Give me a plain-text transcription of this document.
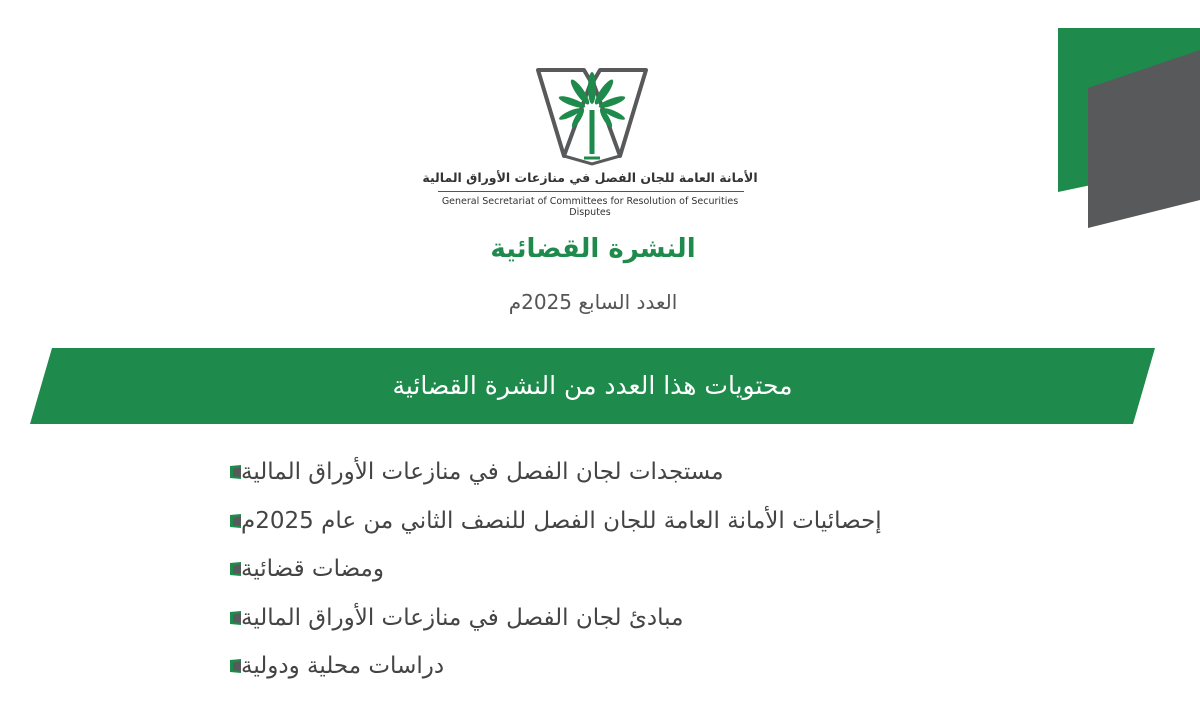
الأمانة العامة للجان الفصل في منازعات الأوراق المالية
General Secretariat of Committees for Resolution of Securities Disputes
النشرة القضائية
العدد السابع 2025م
محتويات هذا العدد من النشرة القضائية
مستجدات لجان الفصل في منازعات الأوراق المالية
إحصائيات الأمانة العامة للجان الفصل للنصف الثاني من عام 2025م
ومضات قضائية
مبادئ لجان الفصل في منازعات الأوراق المالية
دراسات محلية ودولية
